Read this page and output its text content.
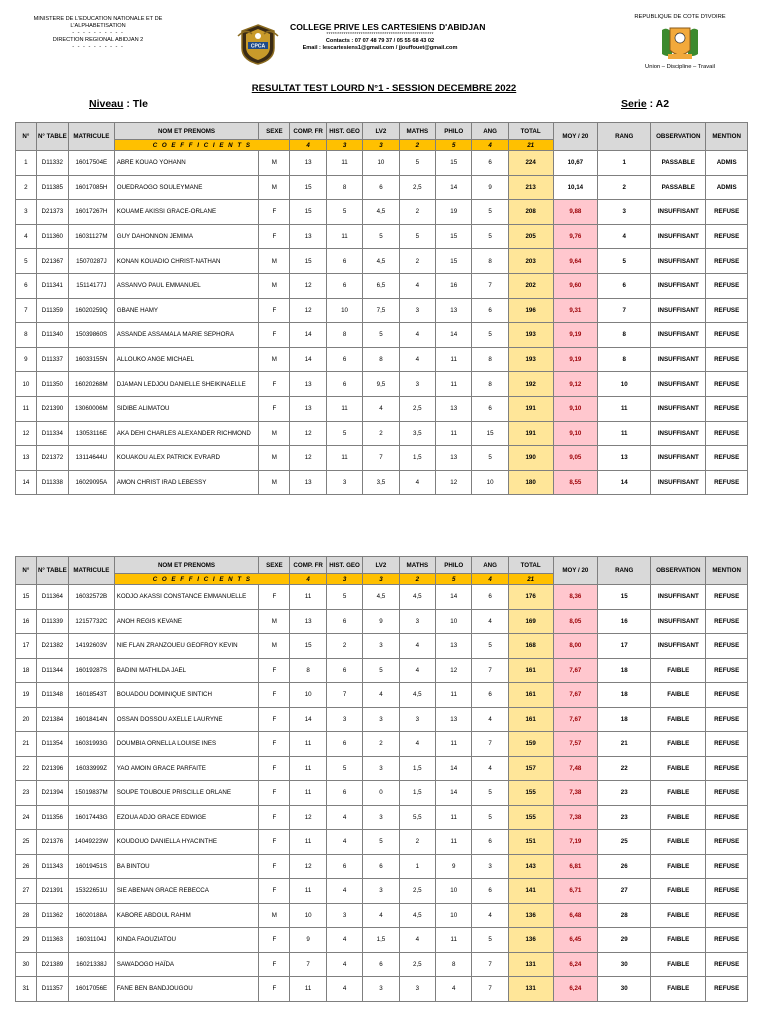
MINISTERE DE L'EDUCATION NATIONALE ET DE
L'ALPHABETISATION
- - - - - - - - - -
DIRECTION REGIONAL ABIDJAN 2
- - - - - - - - - -	CPCA
COLLEGE PRIVE LES CARTESIENS D'ABIDJAN
**************************************************
Contacts : 07 07 48 79 37 / 05 55 68 43 02
Email : lescartesiens1@gmail.com / jjouffouet@gmail.com
REPUBLIQUE DE COTE D'IVOIRE
Union – Discipline – Travail
RESULTAT TEST LOURD N°1 - SESSION DECEMBRE 2022
Niveau : Tle	Serie : A2
N°	N° TABLE	MATRICULE	NOM ET PRENOMS	SEXE	COMP. FR	HIST. GEO	LV2	MATHS	PHILO	ANG	TOTAL	MOY / 20	RANG	OBSERVATION	MENTION
			C O E F F I C I E N T S		4	3	3	2	5	4	21				
1	D11332	16017504E	ABRE KOUAO YOHANN	M	13	11	10	5	15	6	224	10,67	1	PASSABLE	ADMIS
2	D11385	16017085H	OUEDRAOGO SOULEYMANE	M	15	8	6	2,5	14	9	213	10,14	2	PASSABLE	ADMIS
3	D21373	16017267H	KOUAME AKISSI GRACE-ORLANE	F	15	5	4,5	2	19	5	208	9,88	3	INSUFFISANT	REFUSE
4	D11360	16031127M	GUY DAHONNON JEMIMA	F	13	11	5	5	15	5	205	9,76	4	INSUFFISANT	REFUSE
5	D21367	15070287J	KONAN KOUADIO CHRIST-NATHAN	M	15	6	4,5	2	15	8	203	9,64	5	INSUFFISANT	REFUSE
6	D11341	15114177J	ASSANVO PAUL EMMANUEL	M	12	6	6,5	4	16	7	202	9,60	6	INSUFFISANT	REFUSE
7	D11359	16020259Q	GBANE HAMY	F	12	10	7,5	3	13	6	196	9,31	7	INSUFFISANT	REFUSE
8	D11340	15039860S	ASSANDE ASSAMALA MARIE SEPHORA	F	14	8	5	4	14	5	193	9,19	8	INSUFFISANT	REFUSE
9	D11337	16033155N	ALLOUKO ANGE MICHAEL	M	14	6	8	4	11	8	193	9,19	8	INSUFFISANT	REFUSE
10	D11350	16020268M	DJAMAN LEDJOU DANIELLE SHEIKINAELLE	F	13	6	9,5	3	11	8	192	9,12	10	INSUFFISANT	REFUSE
11	D21390	13060006M	SIDIBE ALIMATOU	F	13	11	4	2,5	13	6	191	9,10	11	INSUFFISANT	REFUSE
12	D11334	13053116E	AKA DEHI CHARLES ALEXANDER RICHMOND	M	12	5	2	3,5	11	15	191	9,10	11	INSUFFISANT	REFUSE
13	D21372	13114644U	KOUAKOU ALEX PATRICK EVRARD	M	12	11	7	1,5	13	5	190	9,05	13	INSUFFISANT	REFUSE
14	D11338	16029095A	AMON CHRIST IRAD LEBESSY	M	13	3	3,5	4	12	10	180	8,55	14	INSUFFISANT	REFUSE
N°	N° TABLE	MATRICULE	NOM ET PRENOMS	SEXE	COMP. FR	HIST. GEO	LV2	MATHS	PHILO	ANG	TOTAL	MOY / 20	RANG	OBSERVATION	MENTION
			C O E F F I C I E N T S		4	3	3	2	5	4	21				
15	D11364	16032572B	KODJO AKASSI CONSTANCE EMMANUELLE	F	11	5	4,5	4,5	14	6	176	8,36	15	INSUFFISANT	REFUSE
16	D11339	12157732C	ANOH REGIS KEVANE	M	13	6	9	3	10	4	169	8,05	16	INSUFFISANT	REFUSE
17	D21382	14192603V	NIE FLAN ZRANZOUEU GEOFROY KEVIN	M	15	2	3	4	13	5	168	8,00	17	INSUFFISANT	REFUSE
18	D11344	16019287S	BADINI MATHILDA JAEL	F	8	6	5	4	12	7	161	7,67	18	FAIBLE	REFUSE
19	D11348	16018543T	BOUADOU DOMINIQUE SINTICH	F	10	7	4	4,5	11	6	161	7,67	18	FAIBLE	REFUSE
20	D21384	16018414N	OSSAN DOSSOU AXELLE LAURYNE	F	14	3	3	3	13	4	161	7,67	18	FAIBLE	REFUSE
21	D11354	16031993G	DOUMBIA ORNELLA LOUISE INES	F	11	6	2	4	11	7	159	7,57	21	FAIBLE	REFUSE
22	D21396	16033999Z	YAO AMOIN GRACE PARFAITE	F	11	5	3	1,5	14	4	157	7,48	22	FAIBLE	REFUSE
23	D21394	15019837M	SOUPE TOUBOUE PRISCILLE ORLANE	F	11	6	0	1,5	14	5	155	7,38	23	FAIBLE	REFUSE
24	D11356	16017443G	EZOUA ADJO GRACE EDWIGE	F	12	4	3	5,5	11	5	155	7,38	23	FAIBLE	REFUSE
25	D21376	14049223W	KOUDOUO DANIELLA HYACINTHE	F	11	4	5	2	11	6	151	7,19	25	FAIBLE	REFUSE
26	D11343	16019451S	BA BINTOU	F	12	6	6	1	9	3	143	6,81	26	FAIBLE	REFUSE
27	D21391	15322651U	SIE ABENAN GRACE REBECCA	F	11	4	3	2,5	10	6	141	6,71	27	FAIBLE	REFUSE
28	D11362	16020188A	KABORE ABDOUL RAHIM	M	10	3	4	4,5	10	4	136	6,48	28	FAIBLE	REFUSE
29	D11363	16031104J	KINDA FAOUZIATOU	F	9	4	1,5	4	11	5	136	6,45	29	FAIBLE	REFUSE
30	D21389	16021338J	SAWADOGO HAÏDA	F	7	4	6	2,5	8	7	131	6,24	30	FAIBLE	REFUSE
31	D11357	16017056E	FANE BEN BANDJOUGOU	F	11	4	3	3	4	7	131	6,24	30	FAIBLE	REFUSE
